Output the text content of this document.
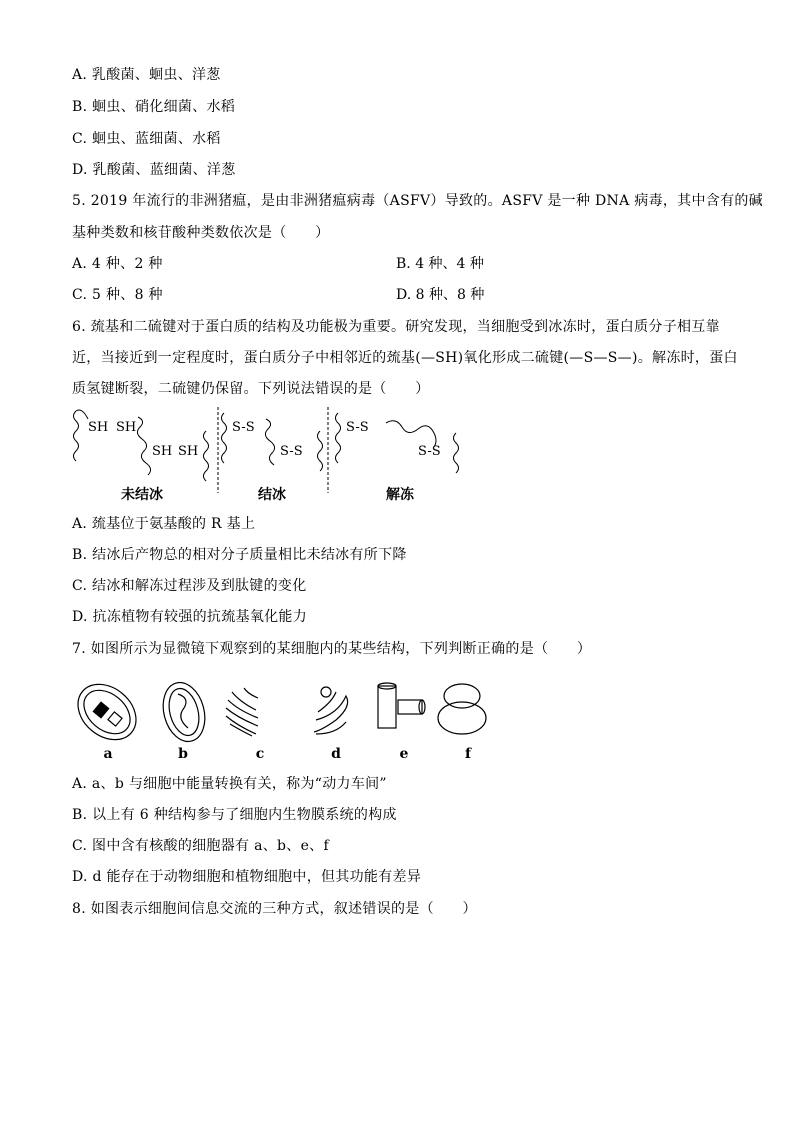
A. 乳酸菌、蛔虫、洋葱
B. 蛔虫、硝化细菌、水稻
C. 蛔虫、蓝细菌、水稻
D. 乳酸菌、蓝细菌、洋葱
5. 2019 年流行的非洲猪瘟，是由非洲猪瘟病毒（ASFV）导致的。ASFV 是一种 DNA 病毒，其中含有的碱
基种类数和核苷酸种类数依次是（　　）
A. 4 种、2 种	B. 4 种、4 种
C. 5 种、8 种	D. 8 种、8 种
6. 巯基和二硫键对于蛋白质的结构及功能极为重要。研究发现，当细胞受到冰冻时，蛋白质分子相互靠
近，当接近到一定程度时，蛋白质分子中相邻近的巯基(—SH)氧化形成二硫键(—S—S—)。解冻时，蛋白
质氢键断裂，二硫键仍保留。下列说法错误的是（　　）
SH SH
SH SH
S-S
S-S
S-S
S-S
未结冰	结冰	解冻
A. 巯基位于氨基酸的 R 基上
B. 结冰后产物总的相对分子质量相比未结冰有所下降
C. 结冰和解冻过程涉及到肽键的变化
D. 抗冻植物有较强的抗巯基氧化能力
7. 如图所示为显微镜下观察到的某细胞内的某些结构，下列判断正确的是（　　）
a	b	c	d	e	f
A. a、b 与细胞中能量转换有关，称为“动力车间”
B. 以上有 6 种结构参与了细胞内生物膜系统的构成
C. 图中含有核酸的细胞器有 a、b、e、f
D. d 能存在于动物细胞和植物细胞中，但其功能有差异
8. 如图表示细胞间信息交流的三种方式，叙述错误的是（　　）
